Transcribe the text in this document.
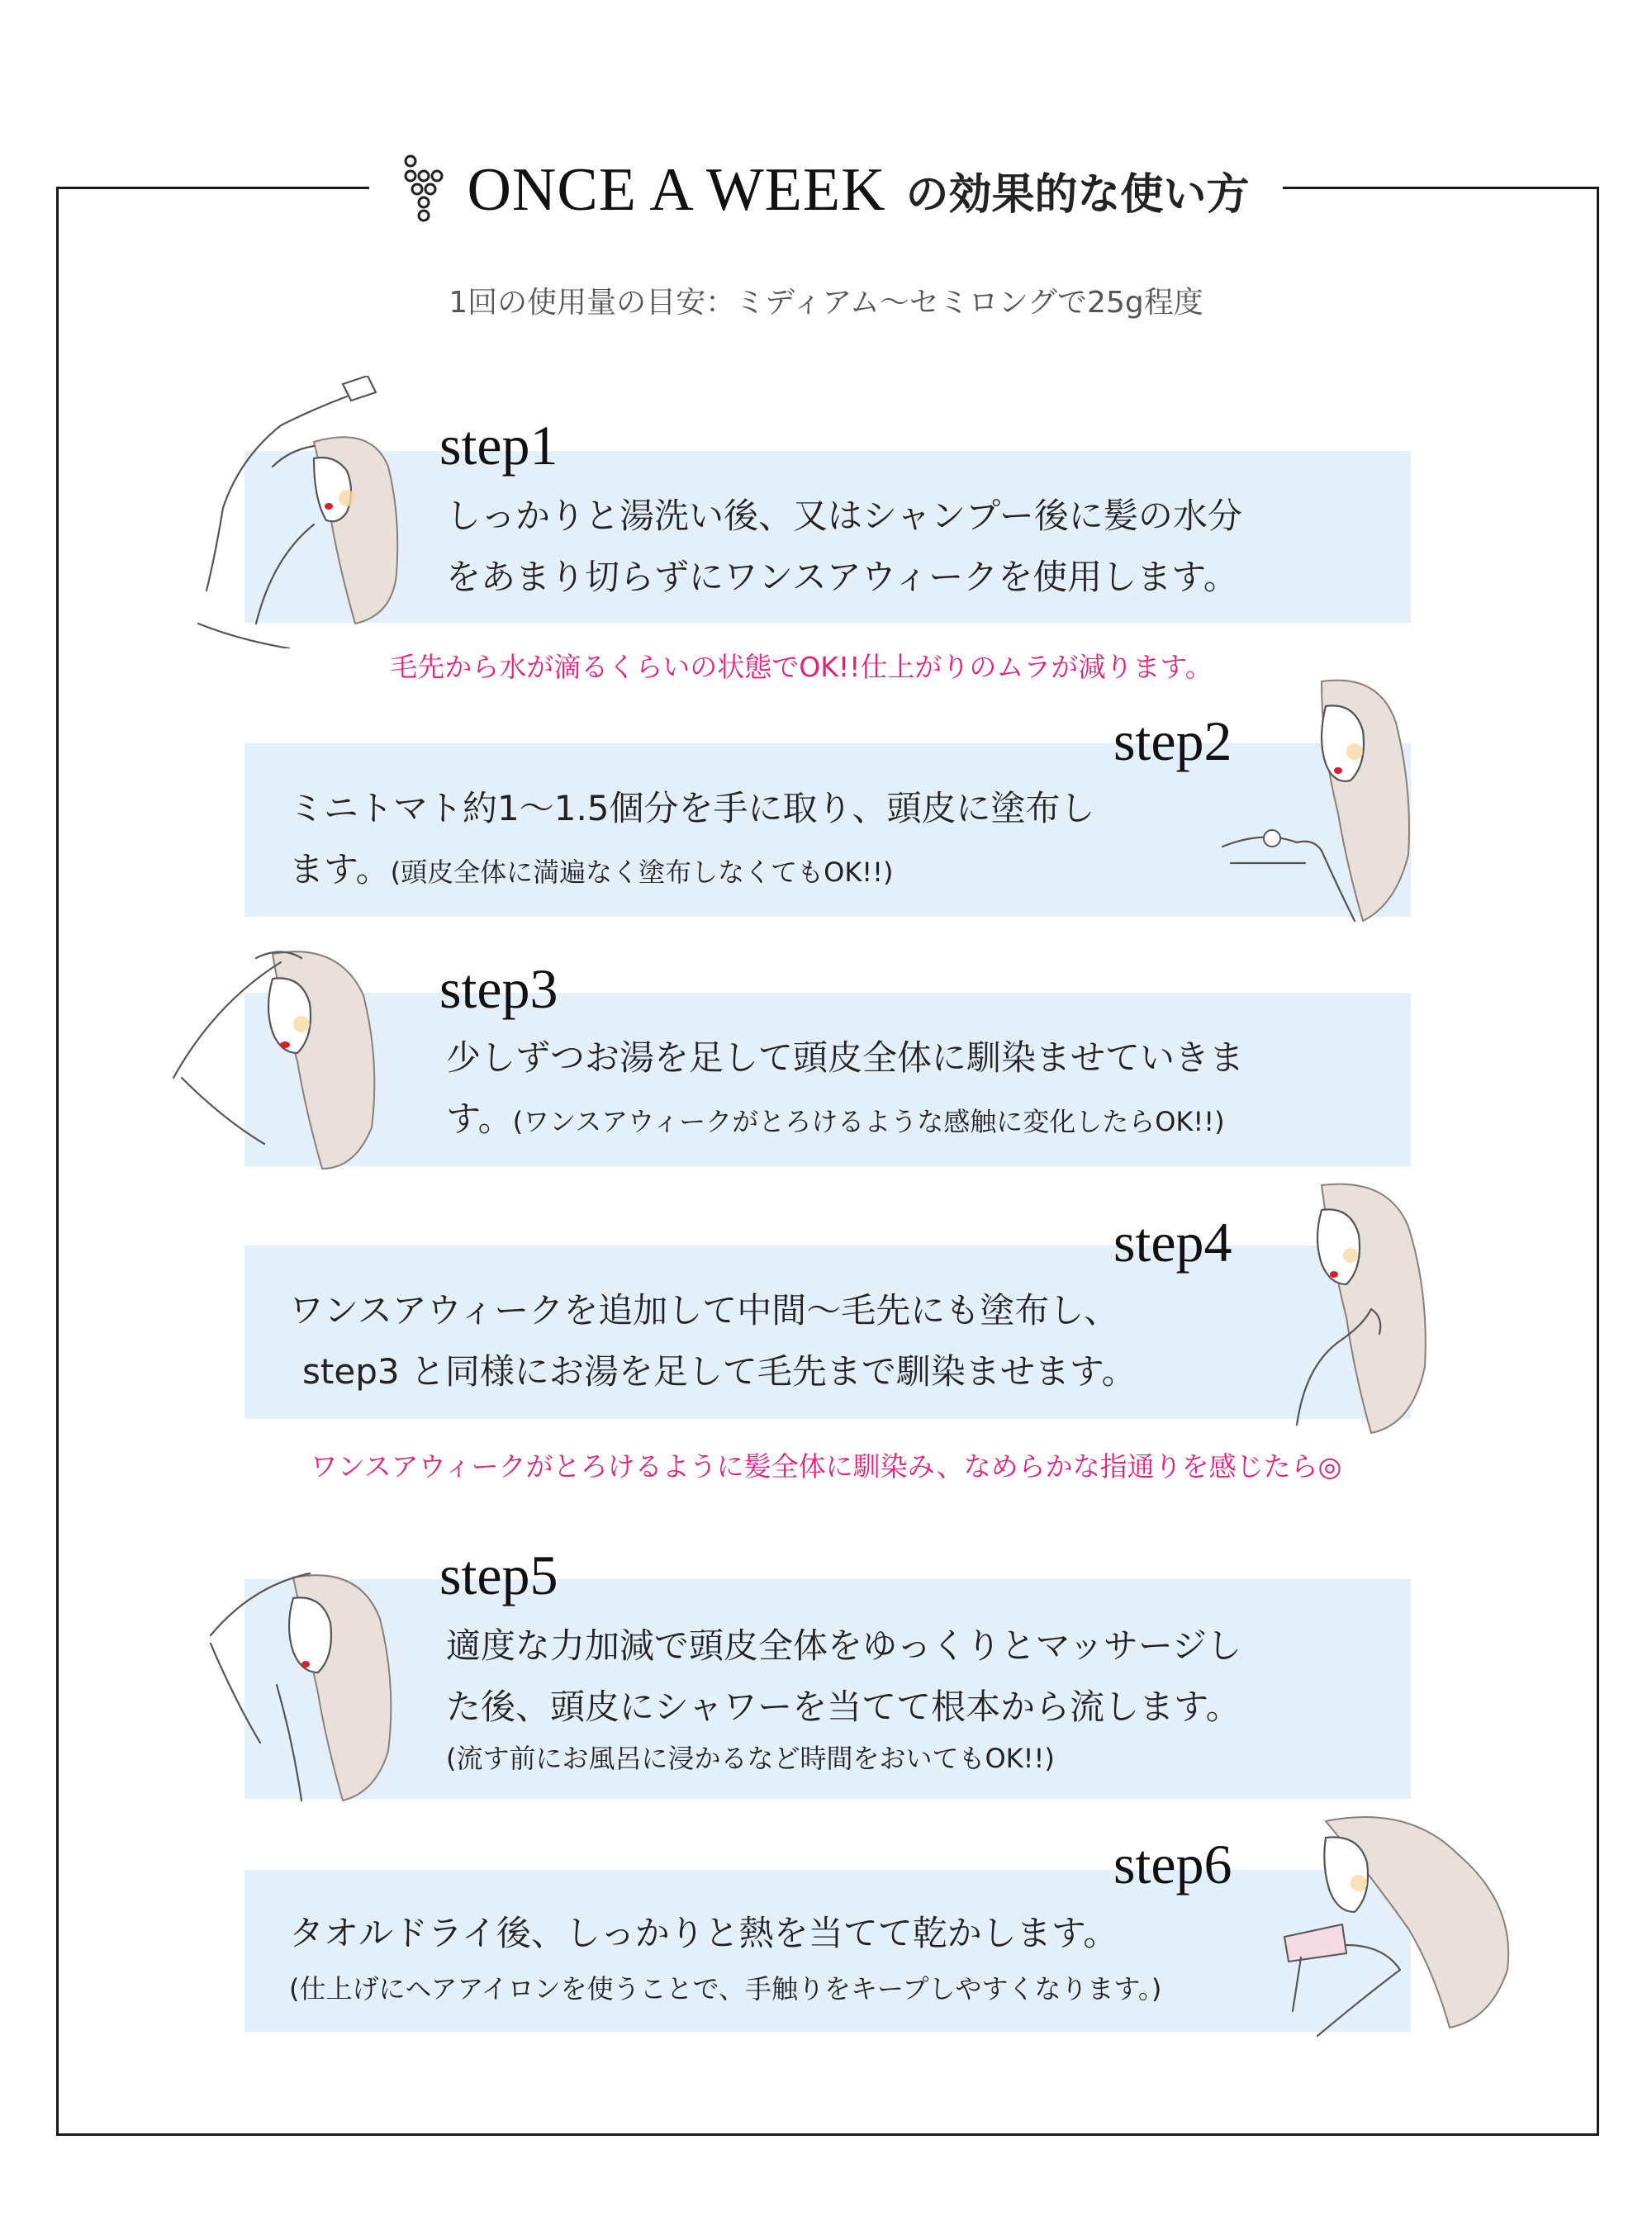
ONCE A WEEK の効果的な使い方
1回の使用量の目安：ミディアム〜セミロングで25g程度
step1
しっかりと湯洗い後、又はシャンプー後に髪の水分
をあまり切らずにワンスアウィークを使用します。
毛先から水が滴るくらいの状態でOK!!仕上がりのムラが減ります。
step2
ミニトマト約1〜1.5個分を手に取り、頭皮に塗布し
ます。(頭皮全体に満遍なく塗布しなくてもOK!!)
step3
少しずつお湯を足して頭皮全体に馴染ませていきま
す。(ワンスアウィークがとろけるような感触に変化したらOK!!)
step4
ワンスアウィークを追加して中間〜毛先にも塗布し、
step3 と同様にお湯を足して毛先まで馴染ませます。
ワンスアウィークがとろけるように髪全体に馴染み、なめらかな指通りを感じたら◎
step5
適度な力加減で頭皮全体をゆっくりとマッサージし
た後、頭皮にシャワーを当てて根本から流します。
(流す前にお風呂に浸かるなど時間をおいてもOK!!)
step6
タオルドライ後、しっかりと熱を当てて乾かします。
(仕上げにヘアアイロンを使うことで、手触りをキープしやすくなります。)
